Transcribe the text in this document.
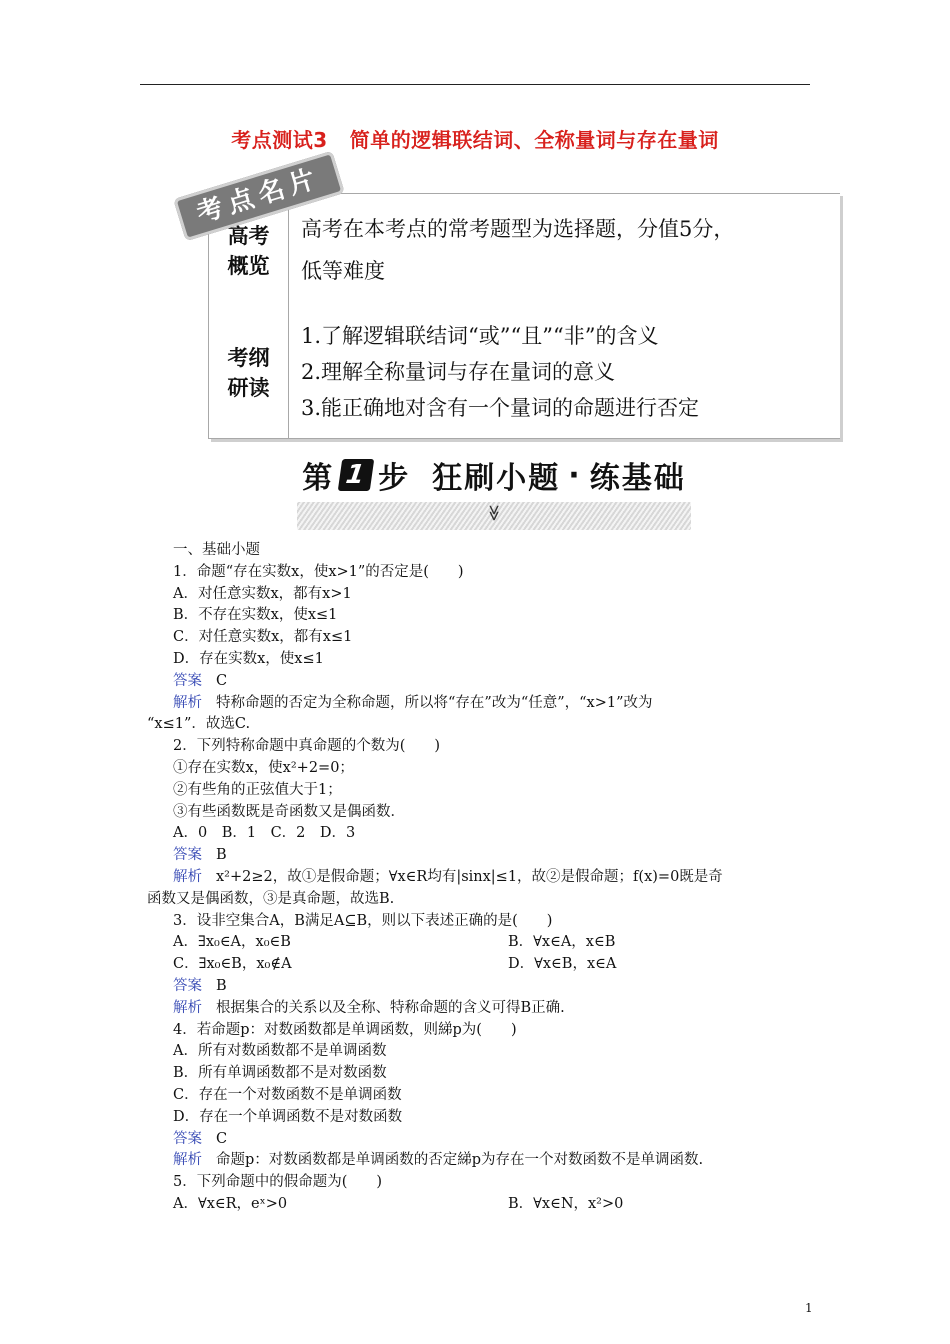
考点测试3 简单的逻辑联结词、全称量词与存在量词
高考
概览
高考在本考点的常考题型为选择题，分值5分，
低等难度
考纲
研读
1.了解逻辑联结词“或”“且”“非”的含义
2.理解全称量词与存在量词的意义
3.能正确地对含有一个量词的命题进行否定
考点名片
第 1 步 狂刷小题 · 练基础
≫
一、基础小题
1．命题“存在实数x，使x>1”的否定是(　　)
A．对任意实数x，都有x>1
B．不存在实数x，使x≤1
C．对任意实数x，都有x≤1
D．存在实数x，使x≤1
答案 C
解析 特称命题的否定为全称命题，所以将“存在”改为“任意”，“x>1”改为
“x≤1”．故选C.
2．下列特称命题中真命题的个数为(　　)
①存在实数x，使x²+2=0；
②有些角的正弦值大于1；
③有些函数既是奇函数又是偶函数．
A．0　B．1　C．2　D．3
答案 B
解析 x²+2≥2，故①是假命题；∀x∈R均有|sinx|≤1，故②是假命题；f(x)=0既是奇
函数又是偶函数，③是真命题，故选B.
3．设非空集合A，B满足A⊆B，则以下表述正确的是(　　)
A．∃x₀∈A，x₀∈B	B．∀x∈A，x∈B
C．∃x₀∈B，x₀∉A	D．∀x∈B，x∈A
答案 B
解析 根据集合的关系以及全称、特称命题的含义可得B正确.
4．若命题p：对数函数都是单调函数，则綈p为(　　)
A．所有对数函数都不是单调函数
B．所有单调函数都不是对数函数
C．存在一个对数函数不是单调函数
D．存在一个单调函数不是对数函数
答案 C
解析 命题p：对数函数都是单调函数的否定綈p为存在一个对数函数不是单调函数.
5．下列命题中的假命题为(　　)
A．∀x∈R，eˣ>0	B．∀x∈N，x²>0
1
